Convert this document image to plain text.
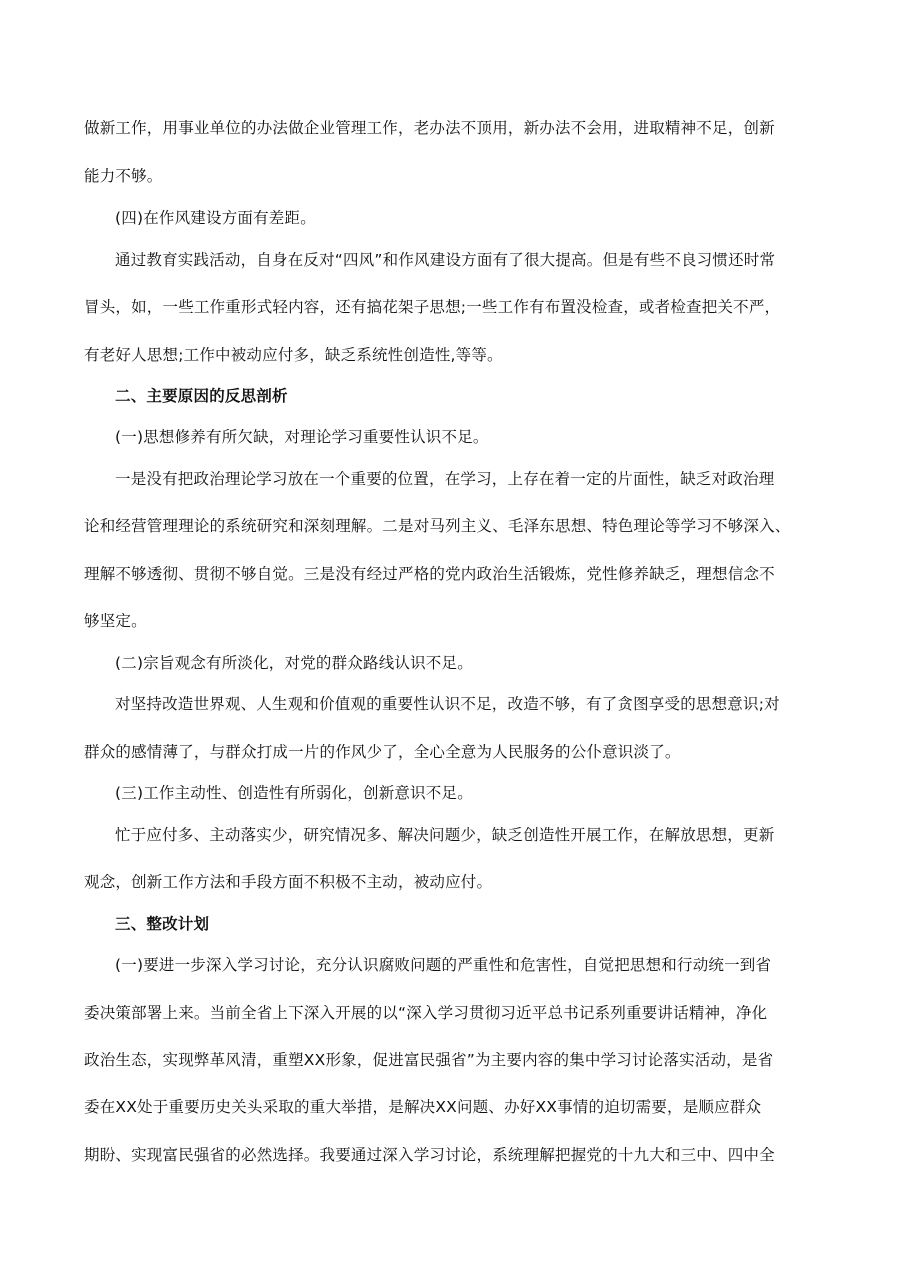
做新工作，用事业单位的办法做企业管理工作，老办法不顶用，新办法不会用，进取精神不足，创新
能力不够。
(四)在作风建设方面有差距。
通过教育实践活动，自身在反对“四风”和作风建设方面有了很大提高。但是有些不良习惯还时常
冒头，如，一些工作重形式轻内容，还有搞花架子思想;一些工作有布置没检查，或者检查把关不严，
有老好人思想;工作中被动应付多，缺乏系统性创造性,等等。
二、主要原因的反思剖析
(一)思想修养有所欠缺，对理论学习重要性认识不足。
一是没有把政治理论学习放在一个重要的位置，在学习，上存在着一定的片面性，缺乏对政治理
论和经营管理理论的系统研究和深刻理解。二是对马列主义、毛泽东思想、特色理论等学习不够深入、
理解不够透彻、贯彻不够自觉。三是没有经过严格的党内政治生活锻炼，党性修养缺乏，理想信念不
够坚定。
(二)宗旨观念有所淡化，对党的群众路线认识不足。
对坚持改造世界观、人生观和价值观的重要性认识不足，改造不够，有了贪图享受的思想意识;对
群众的感情薄了，与群众打成一片的作风少了，全心全意为人民服务的公仆意识淡了。
(三)工作主动性、创造性有所弱化，创新意识不足。
忙于应付多、主动落实少，研究情况多、解决问题少，缺乏创造性开展工作，在解放思想，更新
观念，创新工作方法和手段方面不积极不主动，被动应付。
三、整改计划
(一)要进一步深入学习讨论，充分认识腐败问题的严重性和危害性，自觉把思想和行动统一到省
委决策部署上来。当前全省上下深入开展的以“深入学习贯彻习近平总书记系列重要讲话精神，净化
政治生态，实现弊革风清，重塑XX形象，促进富民强省”为主要内容的集中学习讨论落实活动，是省
委在XX处于重要历史关头采取的重大举措，是解决XX问题、办好XX事情的迫切需要，是顺应群众
期盼、实现富民强省的必然选择。我要通过深入学习讨论，系统理解把握党的十九大和三中、四中全
